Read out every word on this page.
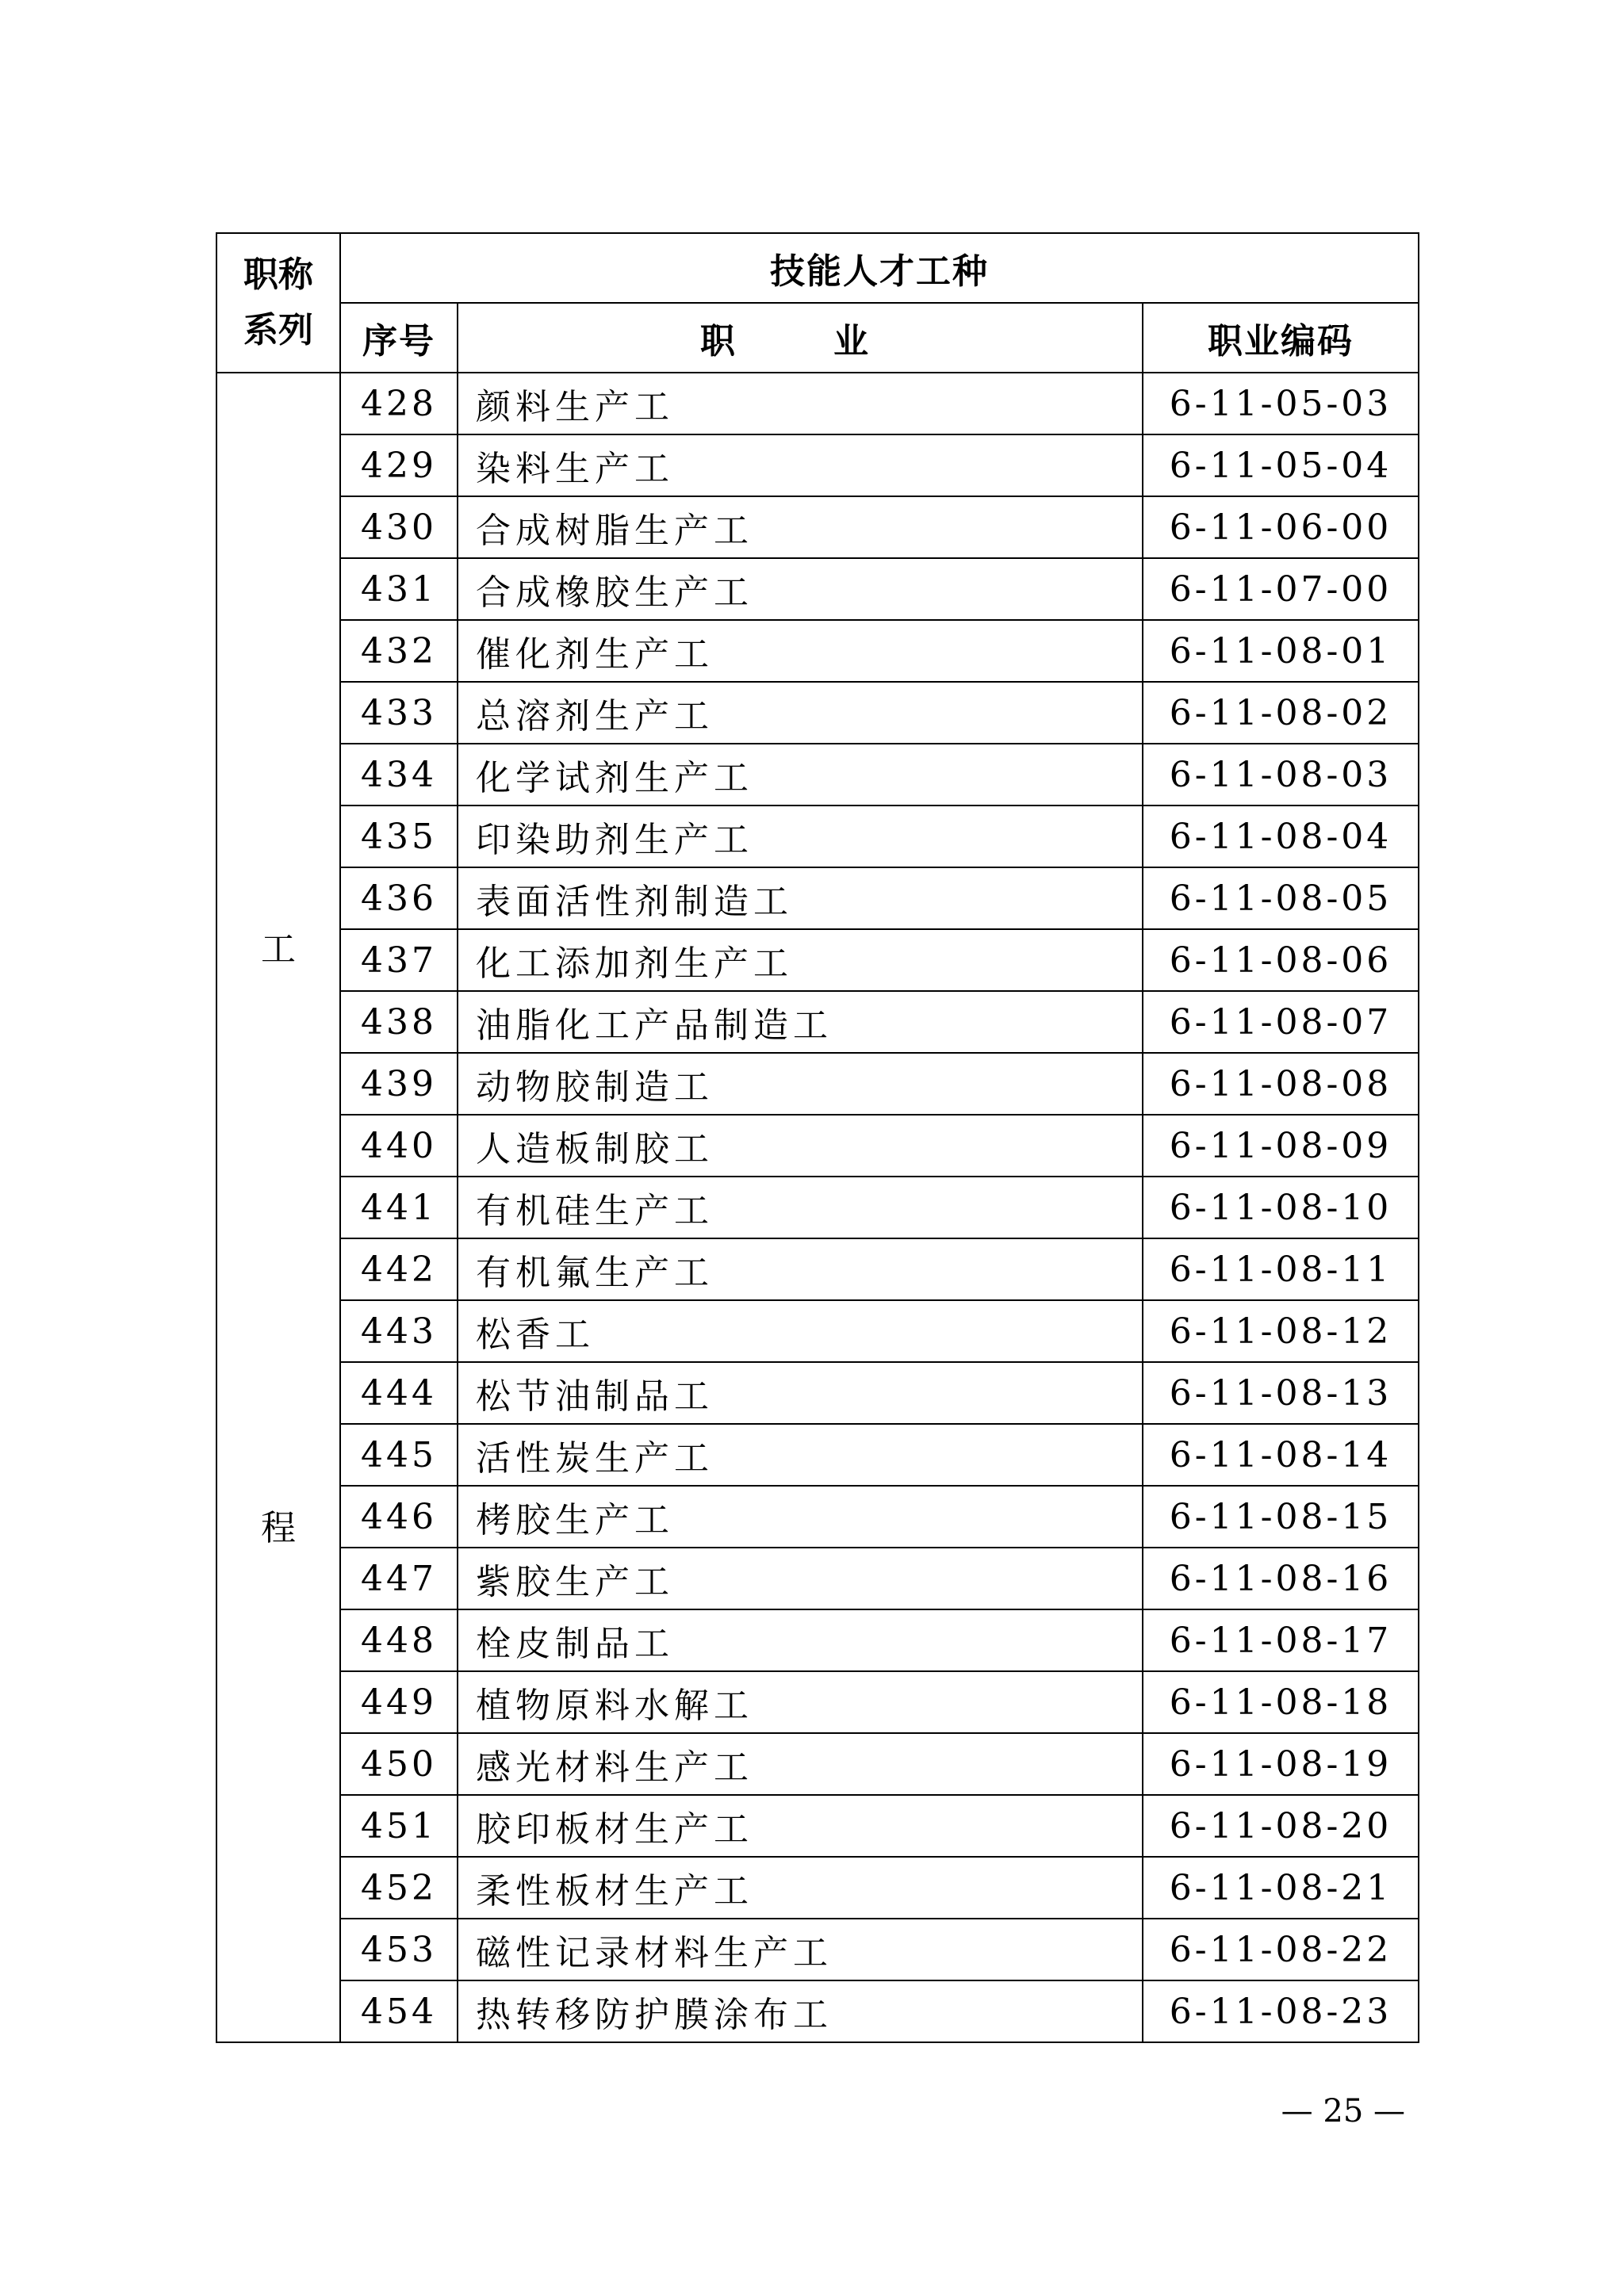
职称
系列	技能人才工种		
	序号	职　业	职业编码

工
程	428	颜料生产工	6-11-05-03
	429	染料生产工	6-11-05-04
	430	合成树脂生产工	6-11-06-00
	431	合成橡胶生产工	6-11-07-00
	432	催化剂生产工	6-11-08-01
	433	总溶剂生产工	6-11-08-02
	434	化学试剂生产工	6-11-08-03
	435	印染助剂生产工	6-11-08-04
	436	表面活性剂制造工	6-11-08-05
	437	化工添加剂生产工	6-11-08-06
	438	油脂化工产品制造工	6-11-08-07
	439	动物胶制造工	6-11-08-08
	440	人造板制胶工	6-11-08-09
	441	有机硅生产工	6-11-08-10
	442	有机氟生产工	6-11-08-11
	443	松香工	6-11-08-12
	444	松节油制品工	6-11-08-13
	445	活性炭生产工	6-11-08-14
	446	栲胶生产工	6-11-08-15
	447	紫胶生产工	6-11-08-16
	448	栓皮制品工	6-11-08-17
	449	植物原料水解工	6-11-08-18
	450	感光材料生产工	6-11-08-19
	451	胶印板材生产工	6-11-08-20
	452	柔性板材生产工	6-11-08-21
	453	磁性记录材料生产工	6-11-08-22
	454	热转移防护膜涂布工	6-11-08-23
— 25 —
